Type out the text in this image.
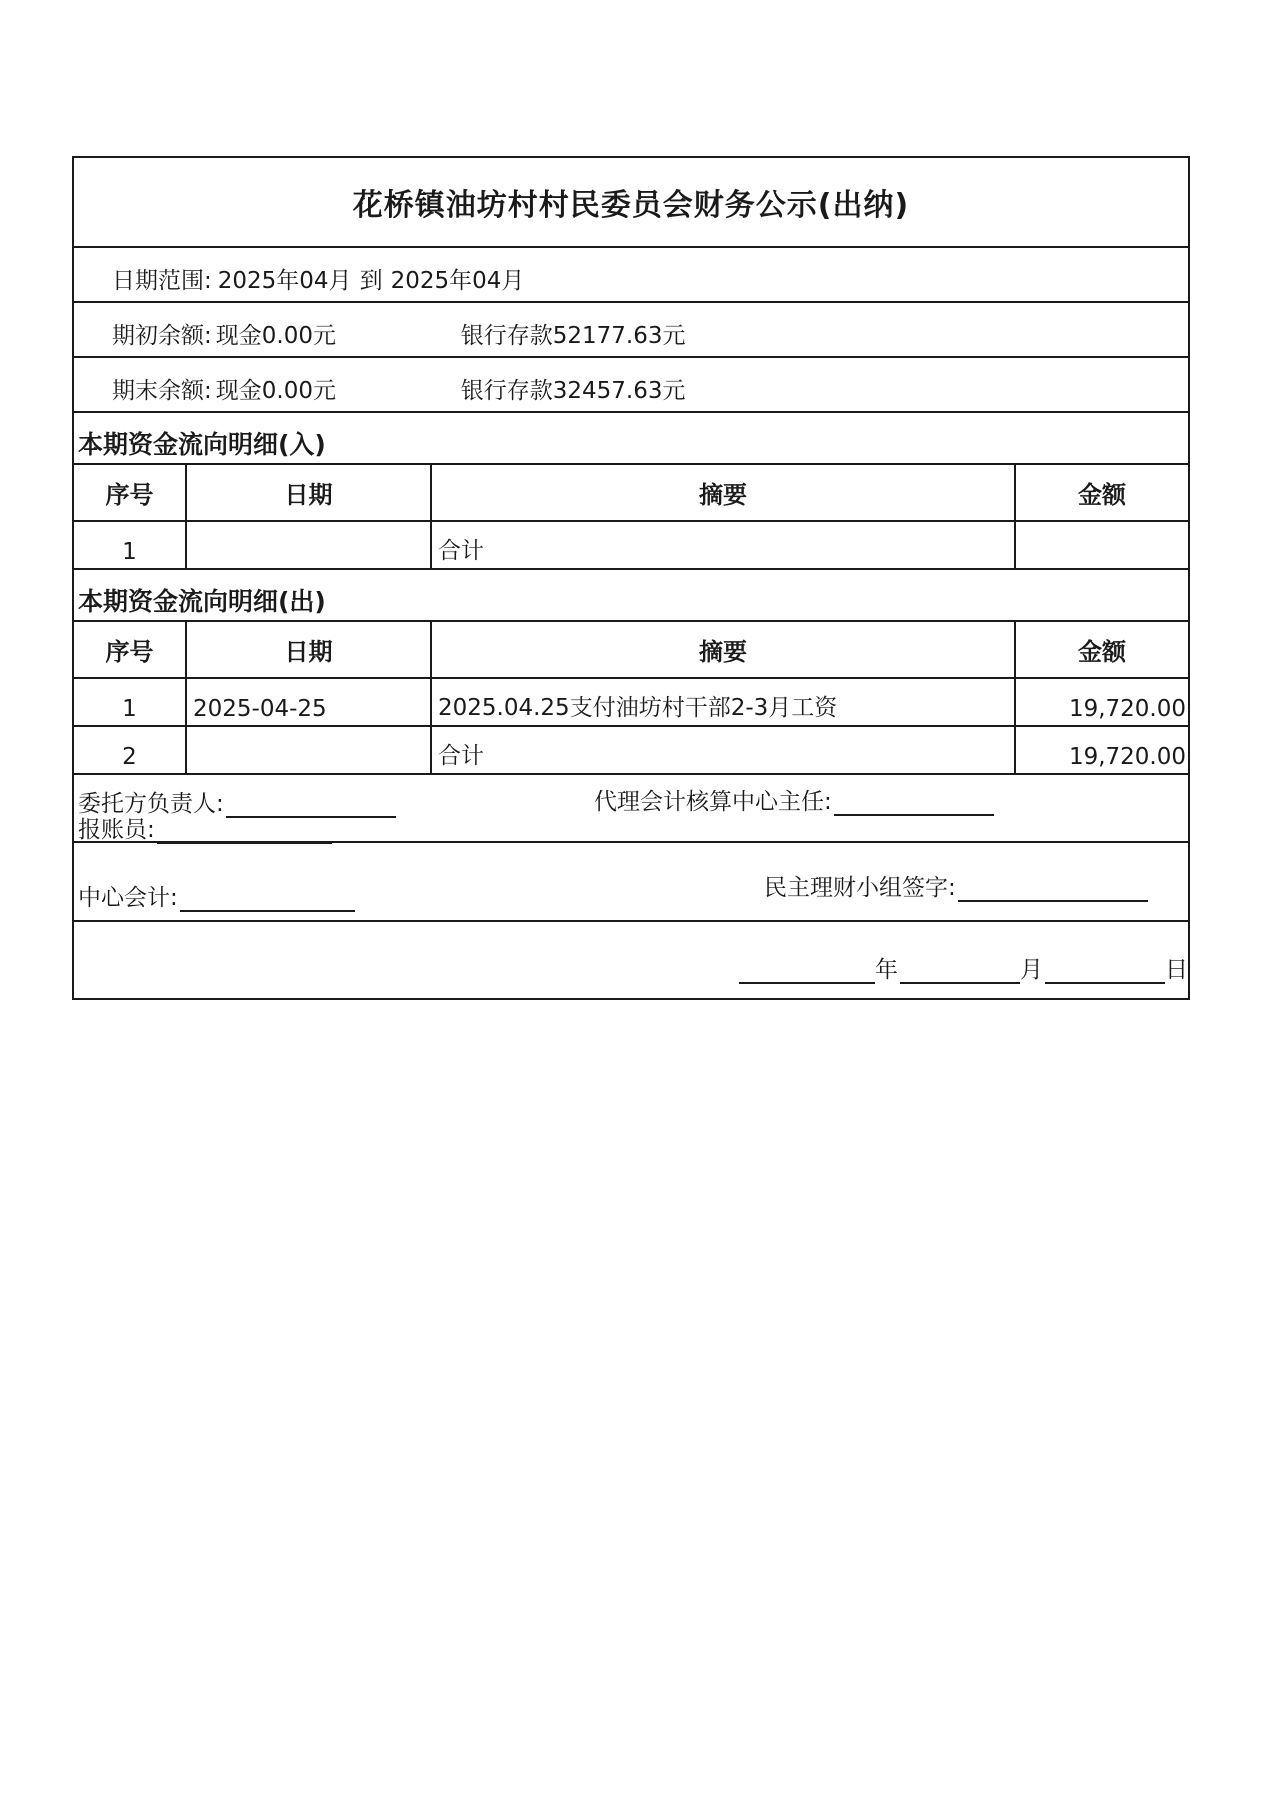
花桥镇油坊村村民委员会财务公示(出纳)
日期范围: 2025年04月 到 2025年04月
期初余额: 现金0.00元	银行存款52177.63元
期末余额: 现金0.00元	银行存款32457.63元
本期资金流向明细(入)
序号	日期	摘要	金额
1		合计	
本期资金流向明细(出)
序号	日期	摘要	金额
1	2025-04-25	2025.04.25支付油坊村干部2-3月工资	19,720.00
2		合计	19,720.00
委托方负责人:	代理会计核算中心主任:
报账员:
中心会计:	民主理财小组签字:
年	月	日
